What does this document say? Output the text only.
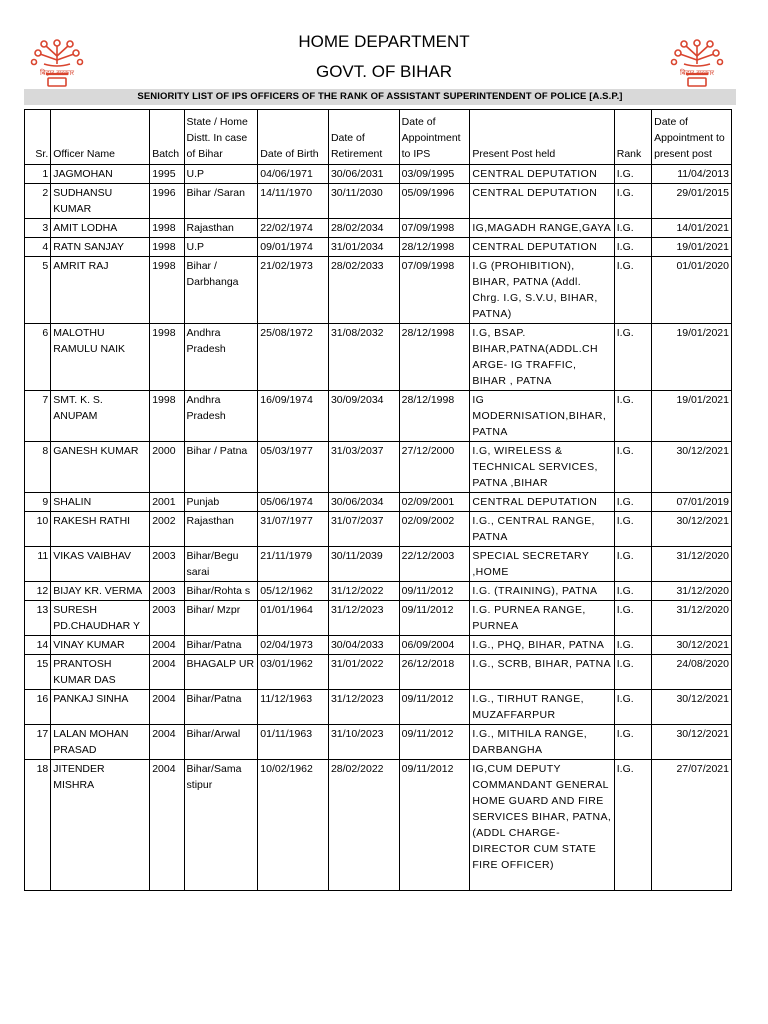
बिहार सरकार
HOME DEPARTMENT
GOVT. OF BIHAR	बिहार सरकार
SENIORITY LIST OF IPS OFFICERS OF THE RANK OF ASSISTANT SUPERINTENDENT OF POLICE [A.S.P.]
Sr.	Officer Name	Batch	State / Home Distt. In case of Bihar	Date of Birth	Date of Retirement	Date of Appointment to IPS	Present Post held	Rank	Date of Appointment to present post
1	JAGMOHAN	1995	U.P	04/06/1971	30/06/2031	03/09/1995	CENTRAL DEPUTATION	I.G.	11/04/2013
2	SUDHANSU KUMAR	1996	Bihar /Saran	14/11/1970	30/11/2030	05/09/1996	CENTRAL DEPUTATION	I.G.	29/01/2015
3	AMIT LODHA	1998	Rajasthan	22/02/1974	28/02/2034	07/09/1998	IG,MAGADH RANGE,GAYA	I.G.	14/01/2021
4	RATN SANJAY	1998	U.P	09/01/1974	31/01/2034	28/12/1998	CENTRAL DEPUTATION	I.G.	19/01/2021
5	AMRIT RAJ	1998	Bihar / Darbhanga	21/02/1973	28/02/2033	07/09/1998	I.G (PROHIBITION), BIHAR, PATNA (Addl. Chrg. I.G, S.V.U, BIHAR, PATNA)	I.G.	01/01/2020
6	MALOTHU RAMULU NAIK	1998	Andhra Pradesh	25/08/1972	31/08/2032	28/12/1998	I.G, BSAP. BIHAR,PATNA(ADDL.CH ARGE- IG TRAFFIC, BIHAR , PATNA	I.G.	19/01/2021
7	SMT. K. S. ANUPAM	1998	Andhra Pradesh	16/09/1974	30/09/2034	28/12/1998	IG MODERNISATION,BIHAR, PATNA	I.G.	19/01/2021
8	GANESH KUMAR	2000	Bihar / Patna	05/03/1977	31/03/2037	27/12/2000	I.G, WIRELESS & TECHNICAL SERVICES, PATNA ,BIHAR	I.G.	30/12/2021
9	SHALIN	2001	Punjab	05/06/1974	30/06/2034	02/09/2001	CENTRAL DEPUTATION	I.G.	07/01/2019
10	RAKESH RATHI	2002	Rajasthan	31/07/1977	31/07/2037	02/09/2002	I.G., CENTRAL RANGE, PATNA	I.G.	30/12/2021
11	VIKAS VAIBHAV	2003	Bihar/Begu sarai	21/11/1979	30/11/2039	22/12/2003	SPECIAL SECRETARY ,HOME	I.G.	31/12/2020
12	BIJAY KR. VERMA	2003	Bihar/Rohta s	05/12/1962	31/12/2022	09/11/2012	I.G. (TRAINING), PATNA	I.G.	31/12/2020
13	SURESH PD.CHAUDHAR Y	2003	Bihar/ Mzpr	01/01/1964	31/12/2023	09/11/2012	I.G. PURNEA RANGE, PURNEA	I.G.	31/12/2020
14	VINAY KUMAR	2004	Bihar/Patna	02/04/1973	30/04/2033	06/09/2004	I.G., PHQ, BIHAR, PATNA	I.G.	30/12/2021
15	PRANTOSH KUMAR DAS	2004	BHAGALP UR	03/01/1962	31/01/2022	26/12/2018	I.G., SCRB, BIHAR, PATNA	I.G.	24/08/2020
16	PANKAJ SINHA	2004	Bihar/Patna	11/12/1963	31/12/2023	09/11/2012	I.G., TIRHUT RANGE, MUZAFFARPUR	I.G.	30/12/2021
17	LALAN MOHAN PRASAD	2004	Bihar/Arwal	01/11/1963	31/10/2023	09/11/2012	I.G., MITHILA RANGE, DARBANGHA	I.G.	30/12/2021
18	JITENDER MISHRA	2004	Bihar/Sama stipur	10/02/1962	28/02/2022	09/11/2012	IG,CUM DEPUTY COMMANDANT GENERAL HOME GUARD AND FIRE SERVICES BIHAR, PATNA, (ADDL CHARGE- DIRECTOR CUM STATE FIRE OFFICER)	I.G.	27/07/2021
